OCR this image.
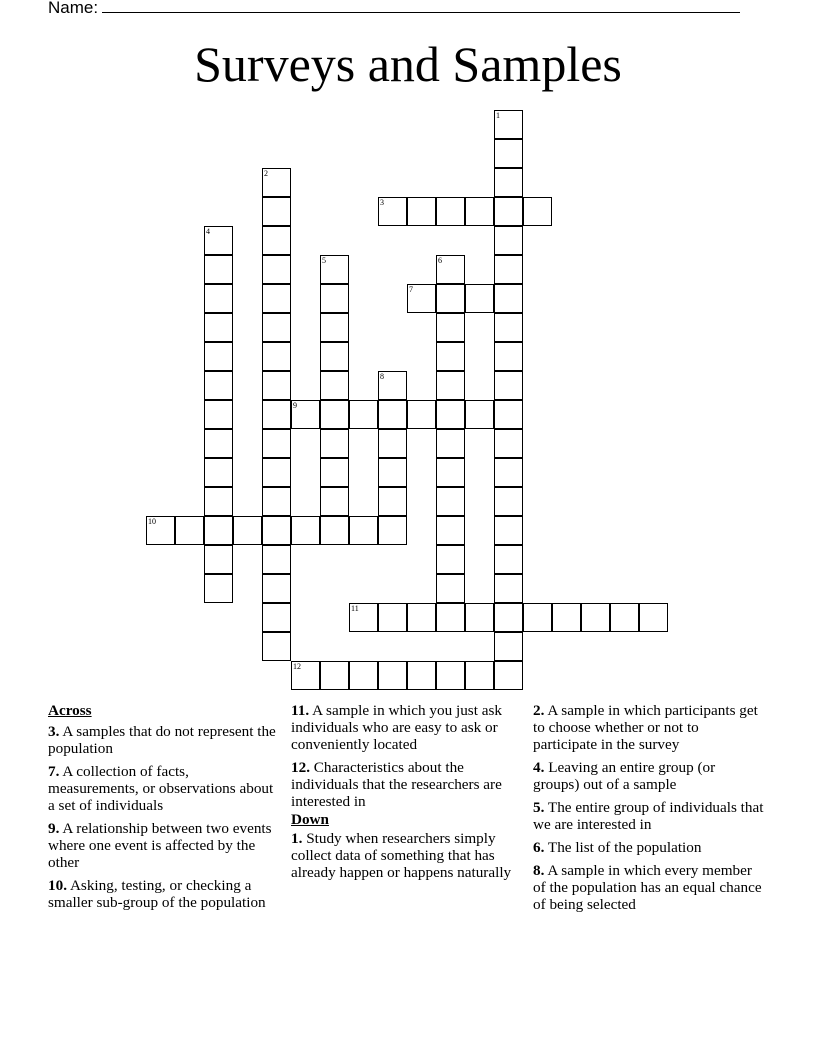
Name:
Surveys and Samples
1
2
3
4
5	6
7
8
9
10
11
12
Across
3. A samples that do not represent the population
7. A collection of facts, measurements, or observations about a set of individuals
9. A relationship between two events where one event is affected by the other
10. Asking, testing, or checking a smaller sub-group of the population
11. A sample in which you just ask individuals who are easy to ask or conveniently located
12. Characteristics about the individuals that the researchers are interested in
Down
1. Study when researchers simply collect data of something that has already happen or happens naturally
2. A sample in which participants get to choose whether or not to participate in the survey
4. Leaving an entire group (or groups) out of a sample
5. The entire group of individuals that we are interested in
6. The list of the population
8. A sample in which every member of the population has an equal chance of being selected
